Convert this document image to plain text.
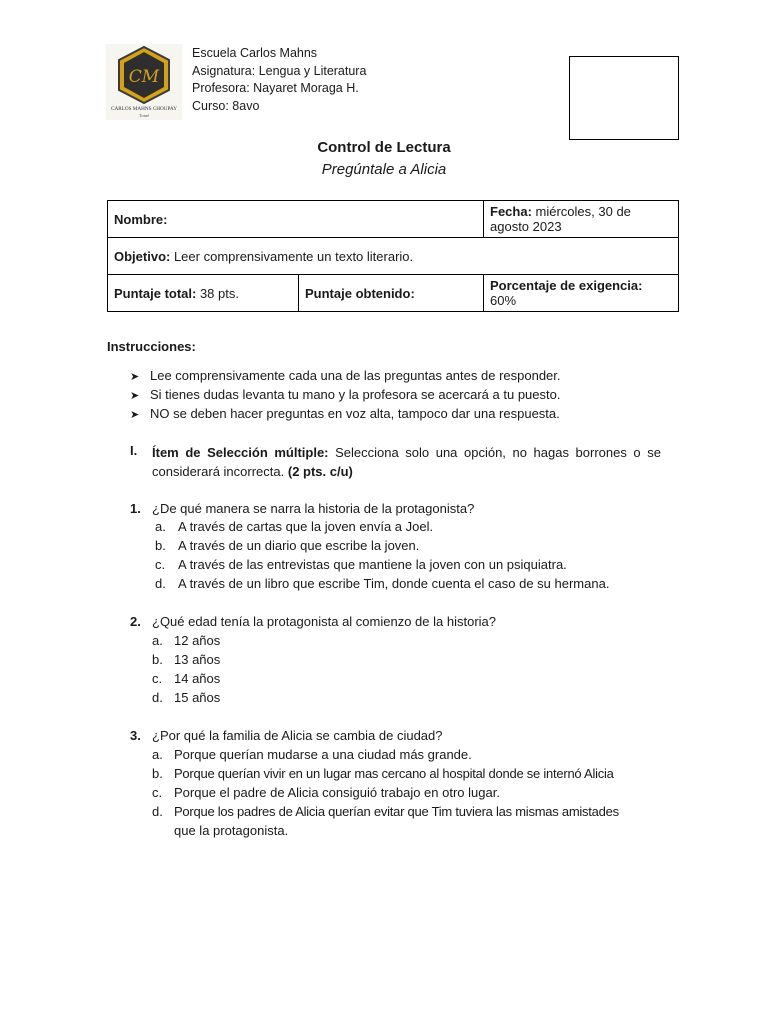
CM
CARLOS MAHNS CHOUPAY
Tomé
Escuela Carlos Mahns
Asignatura: Lengua y Literatura
Profesora: Nayaret Moraga H.
Curso: 8avo
Control de Lectura
Pregúntale a Alicia
Nombre:		Fecha: miércoles, 30 de agosto 2023
Objetivo: Leer comprensivamente un texto literario.		
Puntaje total: 38 pts.	Puntaje obtenido:	Porcentaje de exigencia: 60%
Instrucciones:
➤ Lee comprensivamente cada una de las preguntas antes de responder.
➤ Si tienes dudas levanta tu mano y la profesora se acercará a tu puesto.
➤ NO se deben hacer preguntas en voz alta, tampoco dar una respuesta.
I. Ítem de Selección múltiple: Selecciona solo una opción, no hagas borrones o se considerará incorrecta. (2 pts. c/u)
1. ¿De qué manera se narra la historia de la protagonista?
a. A través de cartas que la joven envía a Joel.
b. A través de un diario que escribe la joven.
c. A través de las entrevistas que mantiene la joven con un psiquiatra.
d. A través de un libro que escribe Tim, donde cuenta el caso de su hermana.
2. ¿Qué edad tenía la protagonista al comienzo de la historia?
a. 12 años
b. 13 años
c. 14 años
d. 15 años
3. ¿Por qué la familia de Alicia se cambia de ciudad?
a. Porque querían mudarse a una ciudad más grande.
b. Porque querían vivir en un lugar mas cercano al hospital donde se internó Alicia
c. Porque el padre de Alicia consiguió trabajo en otro lugar.
d. Porque los padres de Alicia querían evitar que Tim tuviera las mismas amistades
que la protagonista.
